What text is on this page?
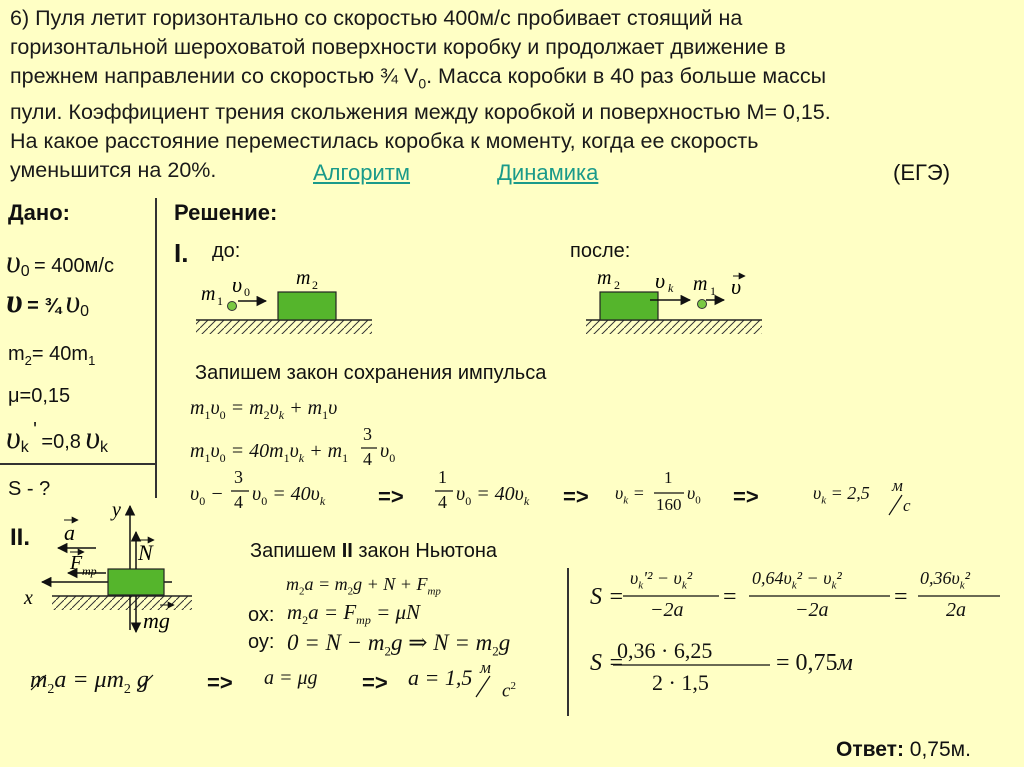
6) Пуля летит горизонтально со скоростью 400м/с пробивает стоящий на
горизонтальной шероховатой поверхности коробку и продолжает движение в
прежнем направлении со скоростью ¾ $V_0$. Масса коробки в 40 раз больше массы
пули. Коэффициент трения скольжения между коробкой и поверхностью М= 0,15.
На какое расстояние переместилась коробка к моменту, когда ее скорость
уменьшится на 20%.	Алгоритм	Динамика	(ЕГЭ)
Дано:
$\upsilon_0 = 400м/с$
υ = ¾ $\upsilon_0$
$m_2= 40m_1$
μ=0,15
$\upsilon_k$ ' =0,8 $\upsilon_k$
S - ?
Решение:
I. до:	после:
m 1
υ 0
m 2	m 2 υ k m 1 υ
y
x
a
F тр
N
mg
Запишем закон сохранения импульса
$m_1\upsilon_0 = m_2\upsilon_k + m_1\upsilon$
$m_1\upsilon_0 = 40m_1\upsilon_k + m_1$
3
4 $\upsilon_0$
$\upsilon_0$ −
3
4 $\upsilon_0 = 40\upsilon_k$ =>
1
4 $\upsilon_0 = 40\upsilon_k => \upsilon_k$ =
1
160
$\upsilon_0$ =>	$\upsilon_k = 2,5$ м
с
II.	Запишем II закон Ньютона
$m_2a = m_2g + N + F_{тр}$
ох: $m_2a = F_{тр} = \mu N$
оу: $0 = N - m_2g$ ⇒ $N = m_2g$
$m_2a = \mu m_2$ g	=> a = μg => a = 1,5 м
$с^2$
S =
$\upsilon_k'^2 - \upsilon_k^2$
−2a =
$0,64\upsilon_k^2 - \upsilon_k^2$
−2a	=
$0,36\upsilon_k^2$
2a
S =
0,36 · 6,25
2 · 1,5
= 0,75м
Ответ: 0,75м.
